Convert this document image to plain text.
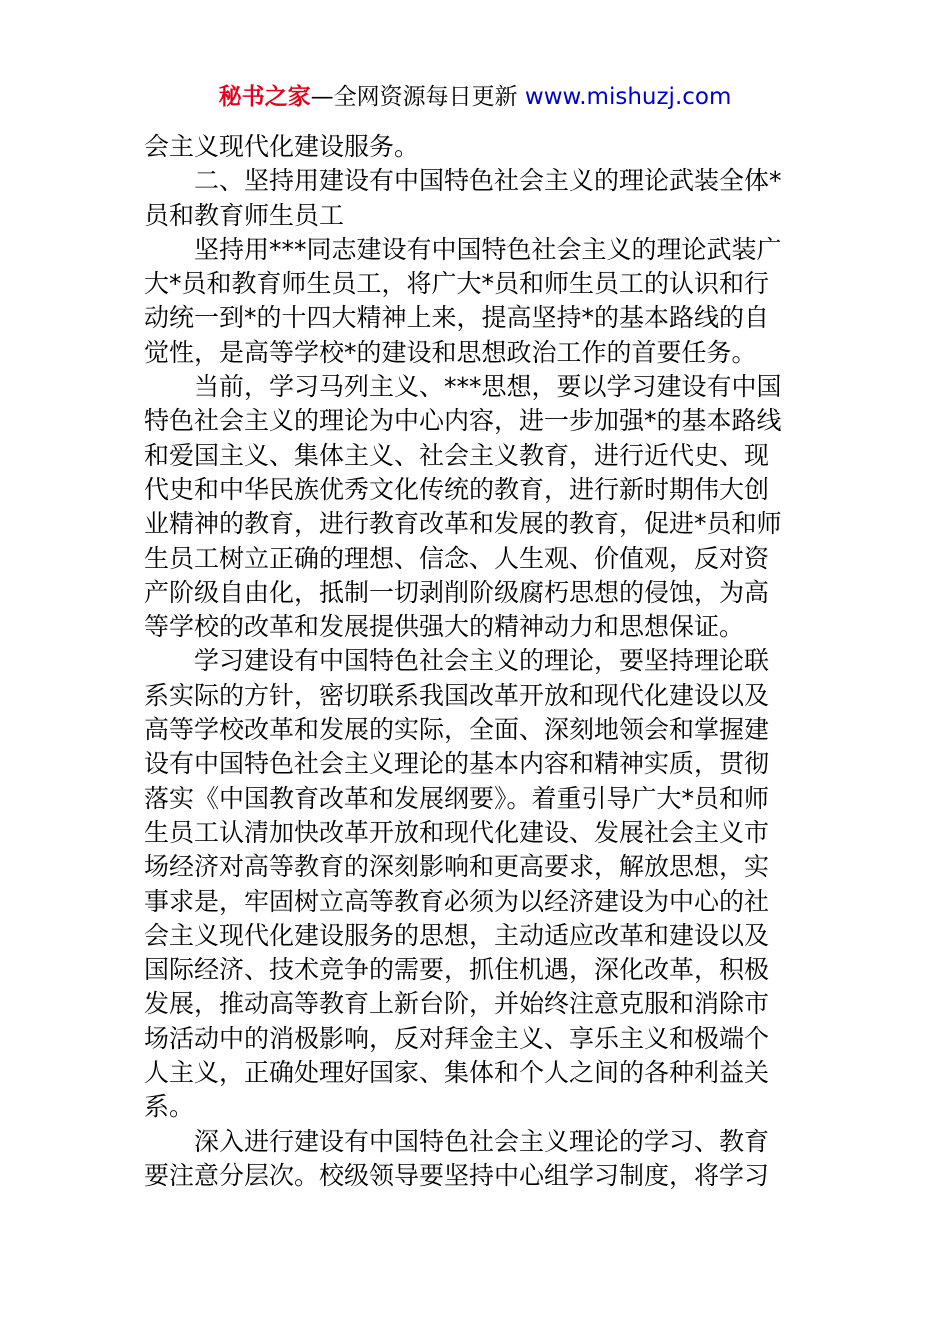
秘书之家—全网资源每日更新 www.mishuzj.com
会主义现代化建设服务。
　　二、坚持用建设有中国特色社会主义的理论武装全体*
员和教育师生员工
　　坚持用***同志建设有中国特色社会主义的理论武装广
大*员和教育师生员工，将广大*员和师生员工的认识和行
动统一到*的十四大精神上来，提高坚持*的基本路线的自
觉性，是高等学校*的建设和思想政治工作的首要任务。
　　当前，学习马列主义、***思想，要以学习建设有中国
特色社会主义的理论为中心内容，进一步加强*的基本路线
和爱国主义、集体主义、社会主义教育，进行近代史、现
代史和中华民族优秀文化传统的教育，进行新时期伟大创
业精神的教育，进行教育改革和发展的教育，促进*员和师
生员工树立正确的理想、信念、人生观、价值观，反对资
产阶级自由化，抵制一切剥削阶级腐朽思想的侵蚀，为高
等学校的改革和发展提供强大的精神动力和思想保证。
　　学习建设有中国特色社会主义的理论，要坚持理论联
系实际的方针，密切联系我国改革开放和现代化建设以及
高等学校改革和发展的实际，全面、深刻地领会和掌握建
设有中国特色社会主义理论的基本内容和精神实质，贯彻
落实《中国教育改革和发展纲要》。着重引导广大*员和师
生员工认清加快改革开放和现代化建设、发展社会主义市
场经济对高等教育的深刻影响和更高要求，解放思想，实
事求是，牢固树立高等教育必须为以经济建设为中心的社
会主义现代化建设服务的思想，主动适应改革和建设以及
国际经济、技术竞争的需要，抓住机遇，深化改革，积极
发展，推动高等教育上新台阶，并始终注意克服和消除市
场活动中的消极影响，反对拜金主义、享乐主义和极端个
人主义，正确处理好国家、集体和个人之间的各种利益关
系。
　　深入进行建设有中国特色社会主义理论的学习、教育
要注意分层次。校级领导要坚持中心组学习制度，将学习
